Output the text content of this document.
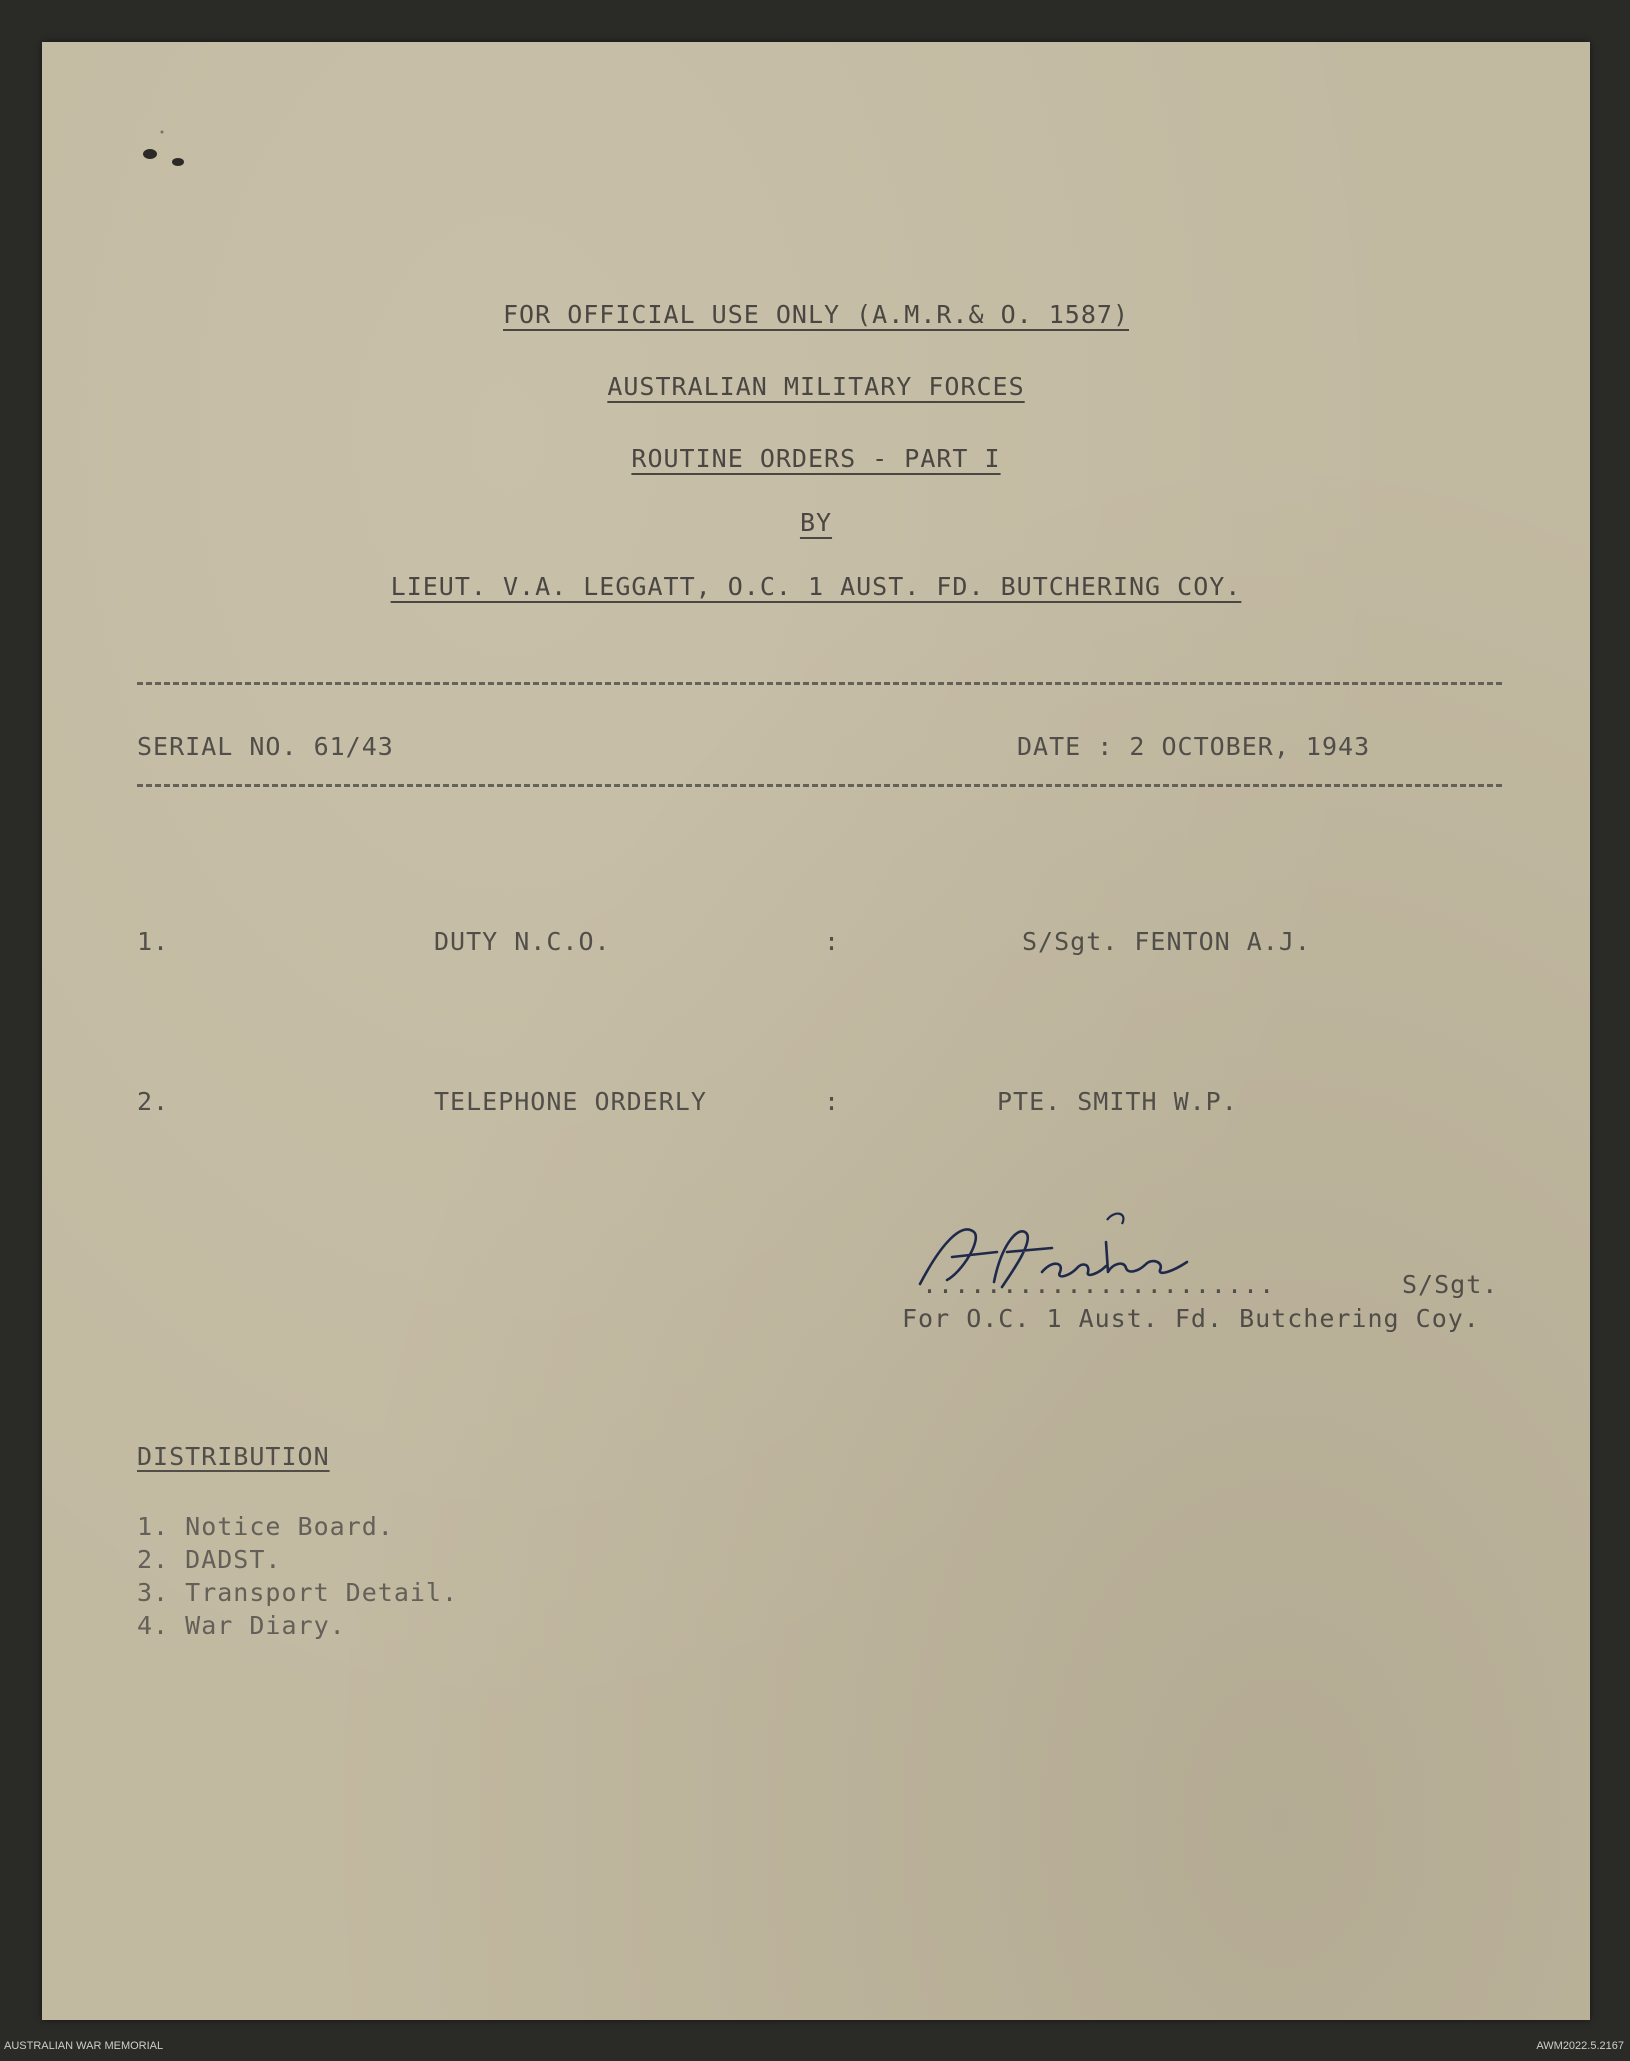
FOR OFFICIAL USE ONLY (A.M.R.& O. 1587)
AUSTRALIAN MILITARY FORCES
ROUTINE ORDERS - PART I
BY
LIEUT. V.A. LEGGATT, O.C. 1 AUST. FD. BUTCHERING COY.
SERIAL NO. 61/43	DATE : 2 OCTOBER, 1943
1.	DUTY N.C.O.	:	S/Sgt. FENTON A.J.
2.	TELEPHONE ORDERLY	:	PTE. SMITH W.P.
......................	S/Sgt.
For O.C. 1 Aust. Fd. Butchering Coy.
DISTRIBUTION
1. Notice Board.
2. DADST.
3. Transport Detail.
4. War Diary.
AUSTRALIAN WAR MEMORIAL	AWM2022.5.2167
